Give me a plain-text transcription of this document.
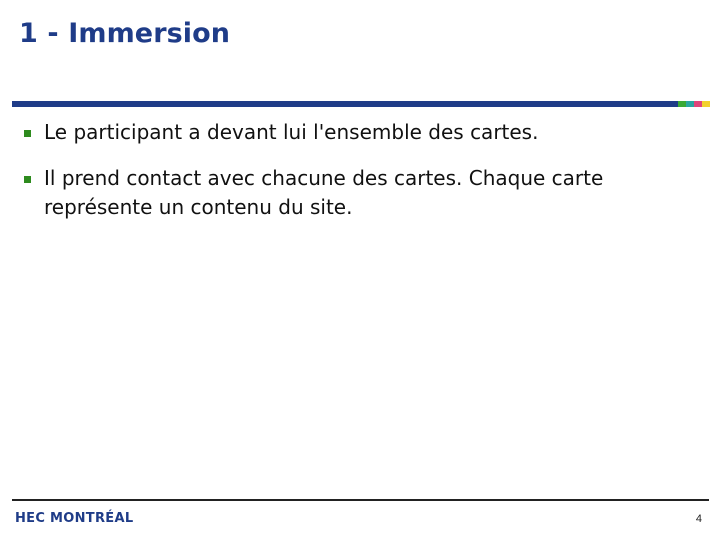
1 - Immersion
Le participant a devant lui l'ensemble des cartes.
Il prend contact avec chacune des cartes. Chaque carte représente un contenu du site.
HEC MONTRÉAL	4
